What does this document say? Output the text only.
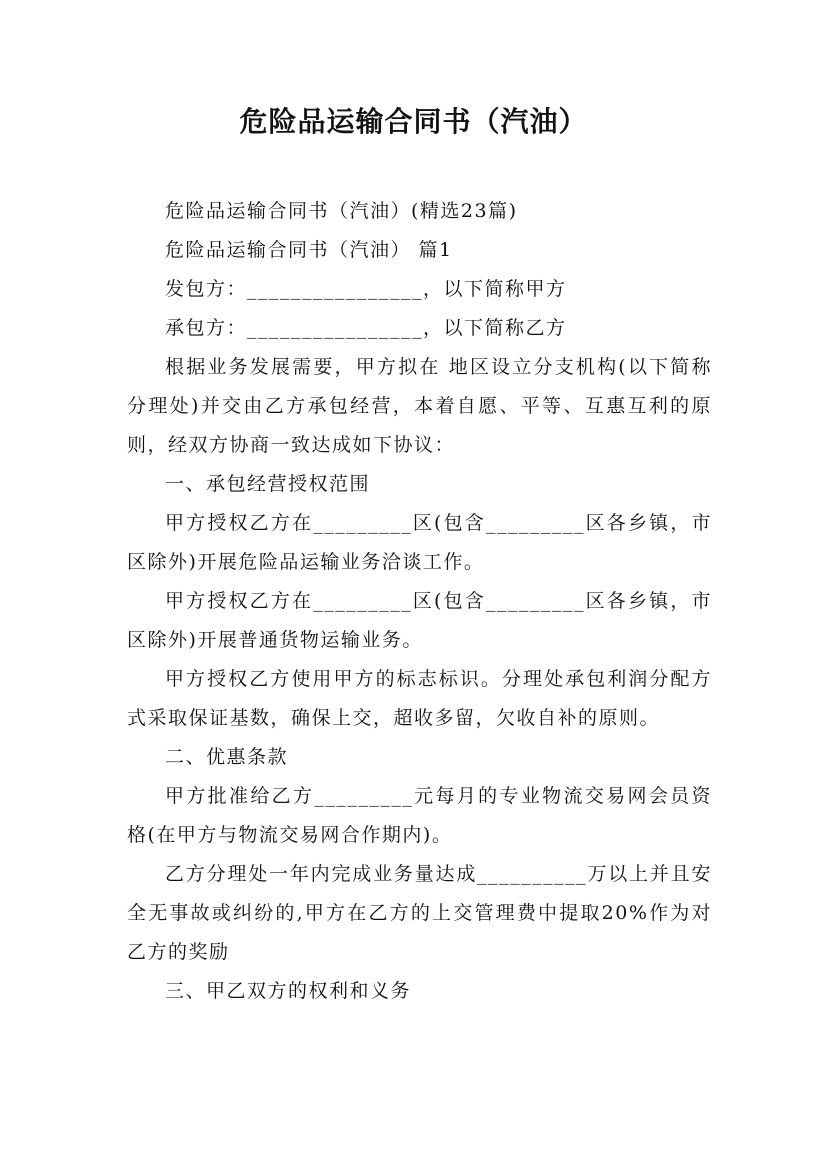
危险品运输合同书（汽油）

危险品运输合同书（汽油）(精选23篇)

危险品运输合同书（汽油） 篇1

发包方：________________，以下简称甲方

承包方：________________，以下简称乙方

根据业务发展需要，甲方拟在 地区设立分支机构(以下简称分理处)并交由乙方承包经营，本着自愿、平等、互惠互利的原则，经双方协商一致达成如下协议：

一、承包经营授权范围

甲方授权乙方在_________区(包含_________区各乡镇，市区除外)开展危险品运输业务洽谈工作。

甲方授权乙方在_________区(包含_________区各乡镇，市区除外)开展普通货物运输业务。

甲方授权乙方使用甲方的标志标识。分理处承包利润分配方式采取保证基数，确保上交，超收多留，欠收自补的原则。

二、优惠条款

甲方批准给乙方_________元每月的专业物流交易网会员资格(在甲方与物流交易网合作期内)。

乙方分理处一年内完成业务量达成__________万以上并且安全无事故或纠纷的,甲方在乙方的上交管理费中提取20%作为对乙方的奖励

三、甲乙双方的权利和义务
